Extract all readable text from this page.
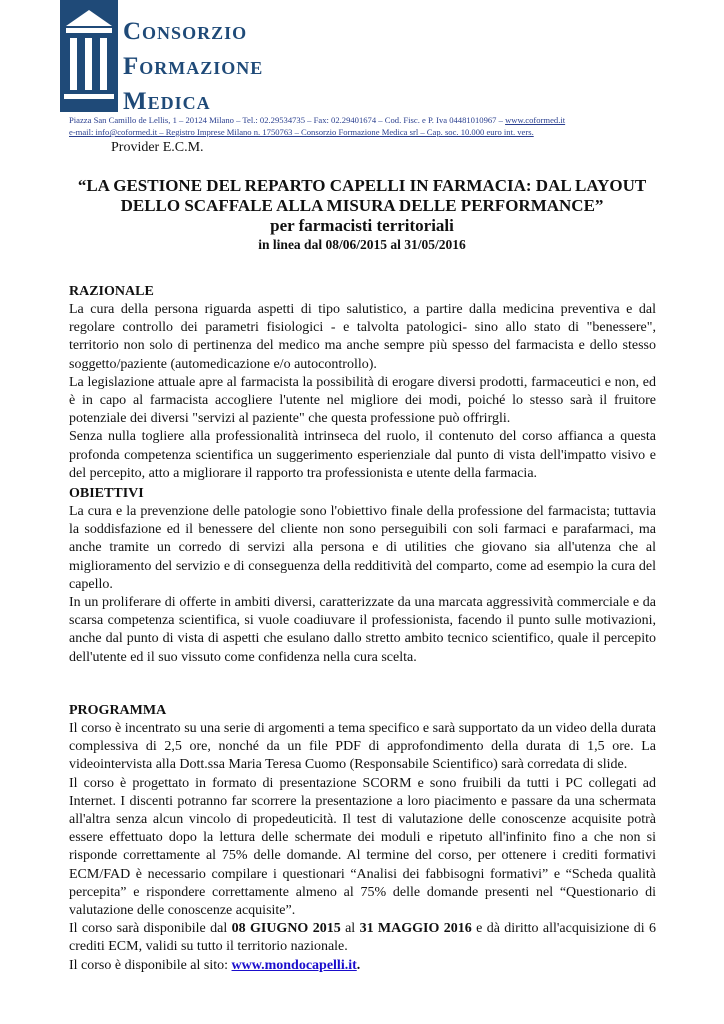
Consorzio
Formazione
Medica
Piazza San Camillo de Lellis, 1 – 20124 Milano – Tel.: 02.29534735 – Fax: 02.29401674 – Cod. Fisc. e P. Iva 04481010967 – www.coformed.it
e-mail: info@coformed.it – Registro Imprese Milano n. 1750763 – Consorzio Formazione Medica srl – Cap. soc. 10.000 euro int. vers.
Provider E.C.M.
“LA GESTIONE DEL REPARTO CAPELLI IN FARMACIA: DAL LAYOUT
DELLO SCAFFALE ALLA MISURA DELLE PERFORMANCE”
per farmacisti territoriali
in linea dal 08/06/2015 al 31/05/2016
RAZIONALE

La cura della persona riguarda aspetti di tipo salutistico, a partire dalla medicina preventiva e dal regolare controllo dei parametri fisiologici - e talvolta patologici- sino allo stato di "benessere", territorio non solo di pertinenza del medico ma anche sempre più spesso del farmacista e dello stesso soggetto/paziente (automedicazione e/o autocontrollo).

La legislazione attuale apre al farmacista la possibilità di erogare diversi prodotti, farmaceutici e non, ed è in capo al farmacista accogliere l'utente nel migliore dei modi, poiché lo stesso sarà il fruitore potenziale dei diversi "servizi al paziente" che questa professione può offrirgli.

Senza nulla togliere alla professionalità intrinseca del ruolo, il contenuto del corso affianca a questa profonda competenza scientifica un suggerimento esperienziale dal punto di vista dell'impatto visivo e del percepito, atto a migliorare il rapporto tra professionista e utente della farmacia.

OBIETTIVI

La cura e la prevenzione delle patologie sono l'obiettivo finale della professione del farmacista; tuttavia la soddisfazione ed il benessere del cliente non sono perseguibili con soli farmaci e parafarmaci, ma anche tramite un corredo di servizi alla persona e di utilities che giovano sia all'utenza che al miglioramento del servizio e di conseguenza della redditività del comparto, come ad esempio la cura del capello.

In un proliferare di offerte in ambiti diversi, caratterizzate da una marcata aggressività commerciale e da scarsa competenza scientifica, si vuole coadiuvare il professionista, facendo il punto sulle motivazioni, anche dal punto di vista di aspetti che esulano dallo stretto ambito tecnico scientifico, quale il percepito dell'utente ed il suo vissuto come confidenza nella cura scelta.

PROGRAMMA

Il corso è incentrato su una serie di argomenti a tema specifico e sarà supportato da un video della durata complessiva di 2,5 ore, nonché da un file PDF di approfondimento della durata di 1,5 ore. La videointervista alla Dott.ssa Maria Teresa Cuomo (Responsabile Scientifico) sarà corredata di slide.

Il corso è progettato in formato di presentazione SCORM e sono fruibili da tutti i PC collegati ad Internet. I discenti potranno far scorrere la presentazione a loro piacimento e passare da una schermata all'altra senza alcun vincolo di propedeuticità. Il test di valutazione delle conoscenze acquisite potrà essere effettuato dopo la lettura delle schermate dei moduli e ripetuto all'infinito fino a che non si risponde correttamente al 75% delle domande. Al termine del corso, per ottenere i crediti formativi ECM/FAD è necessario compilare i questionari “Analisi dei fabbisogni formativi” e “Scheda qualità percepita” e rispondere correttamente almeno al 75% delle domande presenti nel “Questionario di valutazione delle conoscenze acquisite”.

Il corso sarà disponibile dal 08 GIUGNO 2015 al 31 MAGGIO 2016 e dà diritto all'acquisizione di 6 crediti ECM, validi su tutto il territorio nazionale.

Il corso è disponibile al sito: www.mondocapelli.it.
